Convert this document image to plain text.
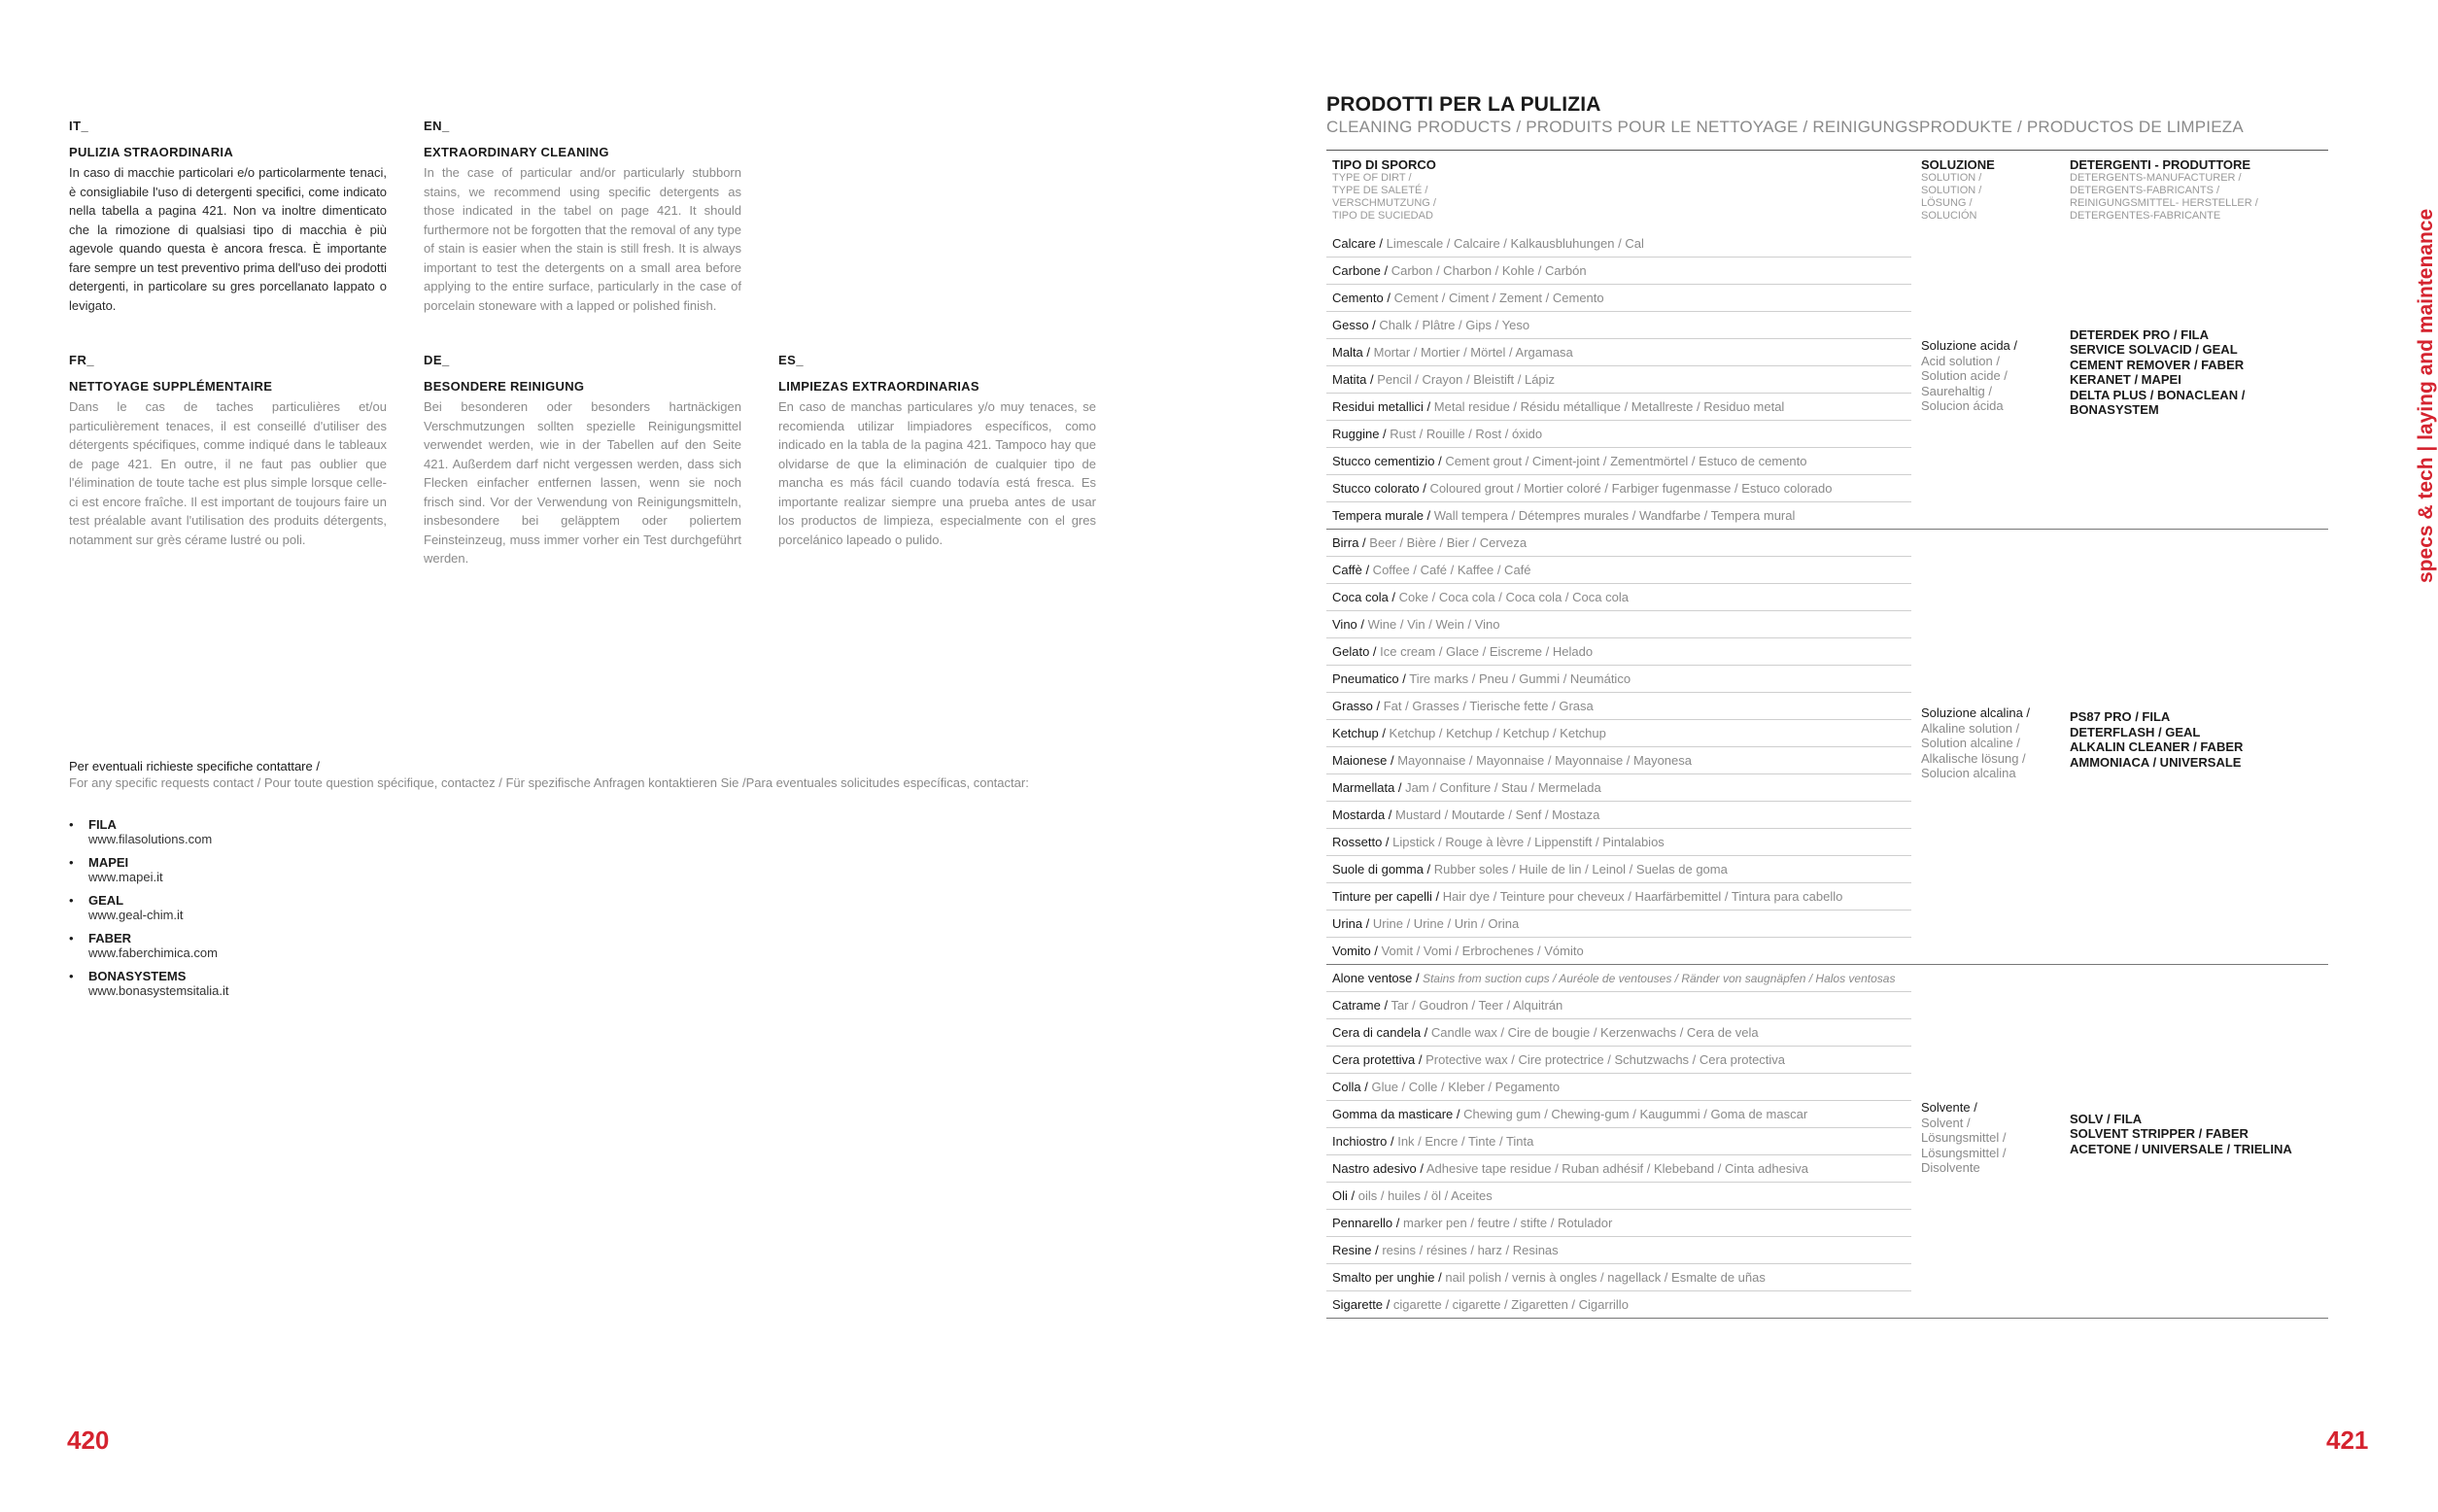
IT_
PULIZIA STRAORDINARIA
In caso di macchie particolari e/o particolarmente tenaci, è consigliabile l'uso di detergenti specifici, come indicato nella tabella a pagina 421. Non va inoltre dimenticato che la rimozione di qualsiasi tipo di macchia è più agevole quando questa è ancora fresca. È importante fare sempre un test preventivo prima dell'uso dei prodotti detergenti, in particolare su gres porcellanato lappato o levigato.
EN_
EXTRAORDINARY CLEANING
In the case of particular and/or particularly stubborn stains, we recommend using specific detergents as those indicated in the tabel on page 421. It should furthermore not be forgotten that the removal of any type of stain is easier when the stain is still fresh. It is always important to test the detergents on a small area before applying to the entire surface, particularly in the case of porcelain stoneware with a lapped or polished finish.
FR_
NETTOYAGE SUPPLÉMENTAIRE
Dans le cas de taches particulières et/ou particulièrement tenaces, il est conseillé d'utiliser des détergents spécifiques, comme indiqué dans le tableaux de page 421. En outre, il ne faut pas oublier que l'élimination de toute tache est plus simple lorsque celle-ci est encore fraîche. Il est important de toujours faire un test préalable avant l'utilisation des produits détergents, notamment sur grès cérame lustré ou poli.
DE_
BESONDERE REINIGUNG
Bei besonderen oder besonders hartnäckigen Verschmutzungen sollten spezielle Reinigungsmittel verwendet werden, wie in der Tabellen auf den Seite 421. Außerdem darf nicht vergessen werden, dass sich Flecken einfacher entfernen lassen, wenn sie noch frisch sind. Vor der Verwendung von Reinigungsmitteln, insbesondere bei geläpptem oder poliertem Feinsteinzeug, muss immer vorher ein Test durchgeführt werden.
ES_
LIMPIEZAS EXTRAORDINARIAS
En caso de manchas particulares y/o muy tenaces, se recomienda utilizar limpiadores específicos, como indicado en la tabla de la pagina 421. Tampoco hay que olvidarse de que la eliminación de cualquier tipo de mancha es más fácil cuando todavía está fresca. Es importante realizar siempre una prueba antes de usar los productos de limpieza, especialmente con el gres porcelánico lapeado o pulido.
Per eventuali richieste specifiche contattare /
For any specific requests contact / Pour toute question spécifique, contactez / Für spezifische Anfragen kontaktieren Sie /Para eventuales solicitudes específicas, contactar:
• FILA
www.filasolutions.com
• MAPEI
www.mapei.it
• GEAL
www.geal-chim.it
• FABER
www.faberchimica.com
• BONASYSTEMS
www.bonasystemsitalia.it
420
PRODOTTI PER LA PULIZIA
CLEANING PRODUCTS / PRODUITS POUR LE NETTOYAGE / REINIGUNGSPRODUKTE / PRODUCTOS DE LIMPIEZA
TIPO DI SPORCO
TYPE OF DIRT /
TYPE DE SALETÉ /
VERSCHMUTZUNG /
TIPO DE SUCIEDAD
SOLUZIONE
SOLUTION /
SOLUTION /
LÖSUNG /
SOLUCIÓN
DETERGENTI - PRODUTTORE
DETERGENTS-MANUFACTURER /
DETERGENTS-FABRICANTS /
REINIGUNGSMITTEL- HERSTELLER /
DETERGENTES-FABRICANTE
Calcare / Limescale / Calcaire / Kalkausbluhungen / Cal
Carbone / Carbon / Charbon / Kohle / Carbón
Cemento / Cement / Ciment / Zement / Cemento
Gesso / Chalk / Plâtre / Gips / Yeso
Malta / Mortar / Mortier / Mörtel / Argamasa
Matita / Pencil / Crayon / Bleistift / Lápiz
Residui metallici / Metal residue / Résidu métallique / Metallreste / Residuo metal
Ruggine / Rust / Rouille / Rost / óxido
Stucco cementizio / Cement grout / Ciment-joint / Zementmörtel / Estuco de cemento
Stucco colorato / Coloured grout / Mortier coloré / Farbiger fugenmasse / Estuco colorado
Tempera murale / Wall tempera / Détempres murales / Wandfarbe / Tempera mural
Soluzione acida /
Acid solution /
Solution acide /
Saurehaltig /
Solucion ácida
DETERDEK PRO / FILA
SERVICE SOLVACID / GEAL
CEMENT REMOVER / FABER
KERANET / MAPEI
DELTA PLUS / BONACLEAN /
BONASYSTEM
Birra / Beer / Bière / Bier / Cerveza
Caffè / Coffee / Café / Kaffee / Café
Coca cola / Coke / Coca cola / Coca cola / Coca cola
Vino / Wine / Vin / Wein / Vino
Gelato / Ice cream / Glace / Eiscreme / Helado
Pneumatico / Tire marks / Pneu / Gummi / Neumático
Grasso / Fat / Grasses / Tierische fette / Grasa
Ketchup / Ketchup / Ketchup / Ketchup / Ketchup
Maionese / Mayonnaise / Mayonnaise / Mayonnaise / Mayonesa
Marmellata / Jam / Confiture / Stau / Mermelada
Mostarda / Mustard / Moutarde / Senf / Mostaza
Rossetto / Lipstick / Rouge à lèvre / Lippenstift / Pintalabios
Suole di gomma / Rubber soles / Huile de lin / Leinol / Suelas de goma
Tinture per capelli / Hair dye / Teinture pour cheveux / Haarfärbemittel / Tintura para cabello
Urina / Urine / Urine / Urin / Orina
Vomito / Vomit / Vomi / Erbrochenes / Vómito
Soluzione alcalina /
Alkaline solution /
Solution alcaline /
Alkalische lösung /
Solucion alcalina
PS87 PRO / FILA
DETERFLASH / GEAL
ALKALIN CLEANER / FABER
AMMONIACA / UNIVERSALE
Alone ventose / Stains from suction cups / Auréole de ventouses / Ränder von saugnäpfen / Halos ventosas
Catrame / Tar / Goudron / Teer / Alquitrán
Cera di candela / Candle wax / Cire de bougie / Kerzenwachs / Cera de vela
Cera protettiva / Protective wax / Cire protectrice / Schutzwachs / Cera protectiva
Colla / Glue / Colle / Kleber / Pegamento
Gomma da masticare / Chewing gum / Chewing-gum / Kaugummi / Goma de mascar
Inchiostro / Ink / Encre / Tinte / Tinta
Nastro adesivo / Adhesive tape residue / Ruban adhésif / Klebeband / Cinta adhesiva
Oli / oils / huiles / öl / Aceites
Pennarello / marker pen / feutre / stifte / Rotulador
Resine / resins / résines / harz / Resinas
Smalto per unghie / nail polish / vernis à ongles / nagellack / Esmalte de uñas
Sigarette / cigarette / cigarette / Zigaretten / Cigarrillo
Solvente /
Solvent /
Lösungsmittel /
Lösungsmittel /
Disolvente
SOLV / FILA
SOLVENT STRIPPER / FABER
ACETONE / UNIVERSALE / TRIELINA
specs & tech | laying and maintenance
421
